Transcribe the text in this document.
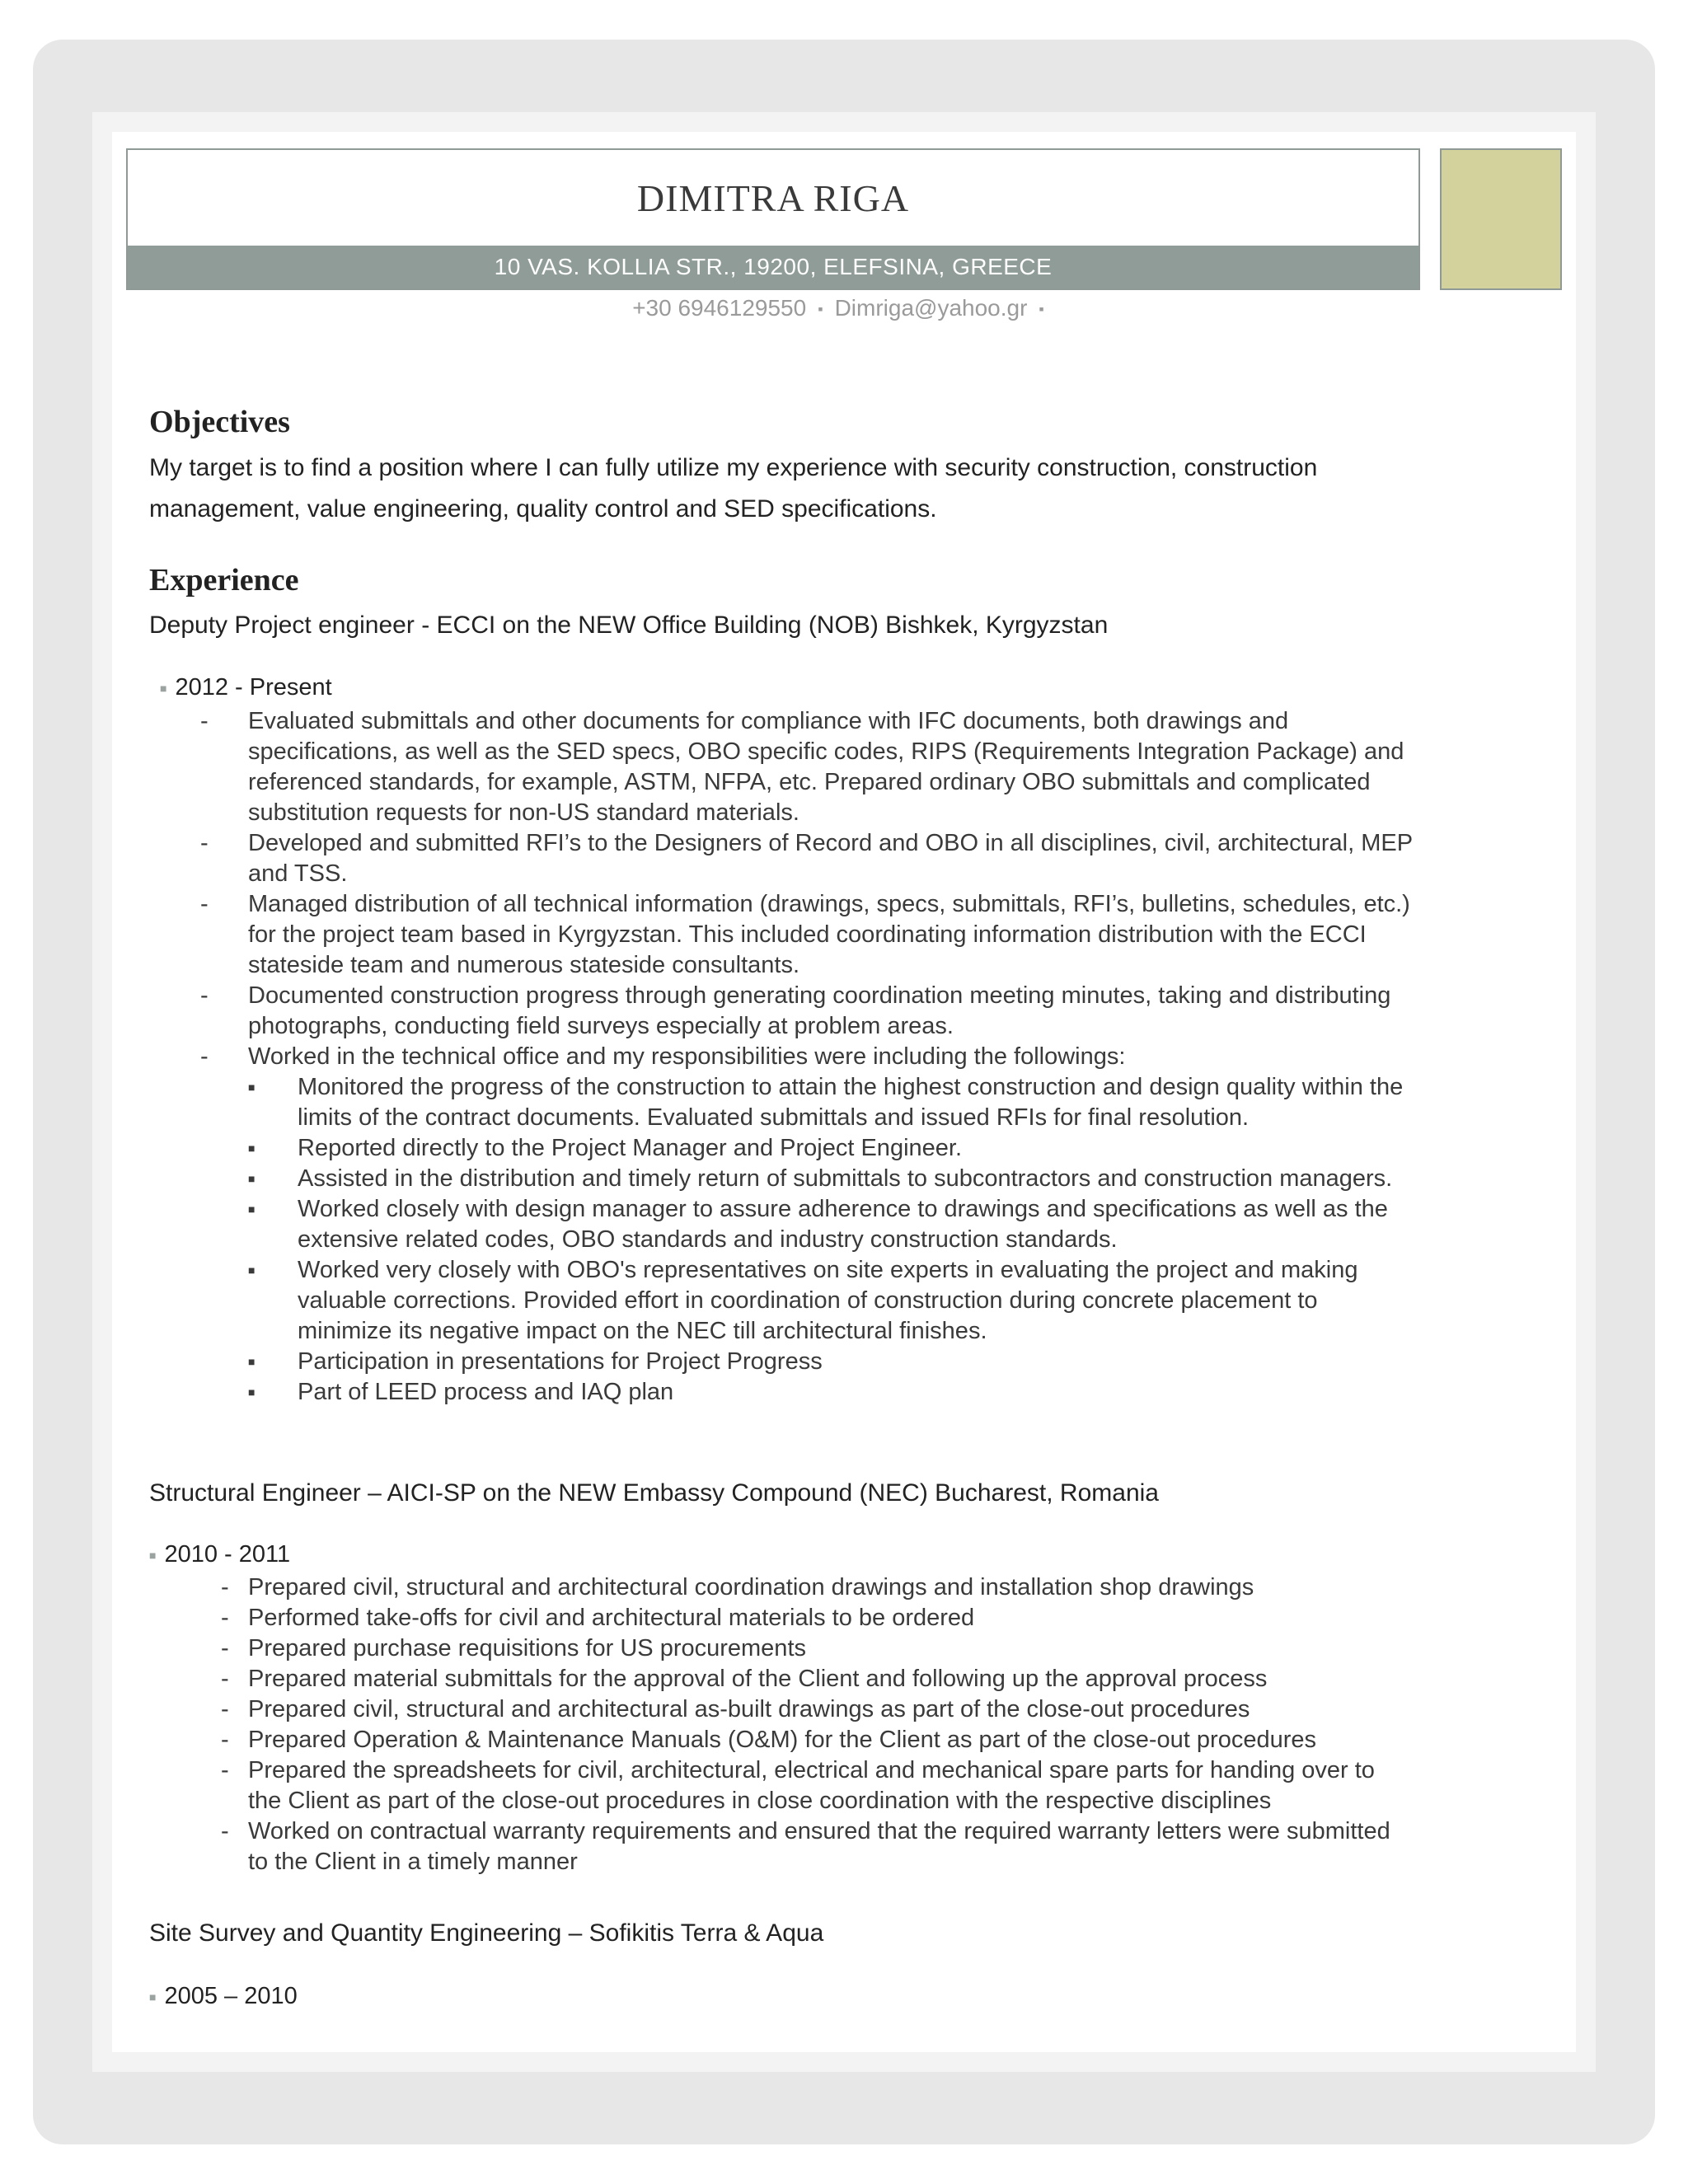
DIMITRA RIGA
10 VAS. KOLLIA STR., 19200, ELEFSINA, GREECE
+30 6946129550 ▪ Dimriga@yahoo.gr ▪
Objectives
My target is to find a position where I can fully utilize my experience with security construction, construction
management, value engineering, quality control and SED specifications.
Experience
Deputy Project engineer - ECCI on the NEW Office Building (NOB) Bishkek, Kyrgyzstan
■ 2012 - Present
- Evaluated submittals and other documents for compliance with IFC documents, both drawings and
specifications, as well as the SED specs, OBO specific codes, RIPS (Requirements Integration Package) and
referenced standards, for example, ASTM, NFPA, etc. Prepared ordinary OBO submittals and complicated
substitution requests for non-US standard materials.
- Developed and submitted RFI’s to the Designers of Record and OBO in all disciplines, civil, architectural, MEP
and TSS.
- Managed distribution of all technical information (drawings, specs, submittals, RFI’s, bulletins, schedules, etc.)
for the project team based in Kyrgyzstan. This included coordinating information distribution with the ECCI
stateside team and numerous stateside consultants.
- Documented construction progress through generating coordination meeting minutes, taking and distributing
photographs, conducting field surveys especially at problem areas.
- Worked in the technical office and my responsibilities were including the followings:
■ Monitored the progress of the construction to attain the highest construction and design quality within the
limits of the contract documents. Evaluated submittals and issued RFIs for final resolution.
■ Reported directly to the Project Manager and Project Engineer.
■ Assisted in the distribution and timely return of submittals to subcontractors and construction managers.
■ Worked closely with design manager to assure adherence to drawings and specifications as well as the
extensive related codes, OBO standards and industry construction standards.
■ Worked very closely with OBO's representatives on site experts in evaluating the project and making
valuable corrections. Provided effort in coordination of construction during concrete placement to
minimize its negative impact on the NEC till architectural finishes.
■ Participation in presentations for Project Progress
■ Part of LEED process and IAQ plan
Structural Engineer – AICI-SP on the NEW Embassy Compound (NEC) Bucharest, Romania
■ 2010 - 2011
- Prepared civil, structural and architectural coordination drawings and installation shop drawings
- Performed take-offs for civil and architectural materials to be ordered
- Prepared purchase requisitions for US procurements
- Prepared material submittals for the approval of the Client and following up the approval process
- Prepared civil, structural and architectural as-built drawings as part of the close-out procedures
- Prepared Operation & Maintenance Manuals (O&M) for the Client as part of the close-out procedures
- Prepared the spreadsheets for civil, architectural, electrical and mechanical spare parts for handing over to
the Client as part of the close-out procedures in close coordination with the respective disciplines
- Worked on contractual warranty requirements and ensured that the required warranty letters were submitted
to the Client in a timely manner
Site Survey and Quantity Engineering – Sofikitis Terra & Aqua
■ 2005 – 2010
